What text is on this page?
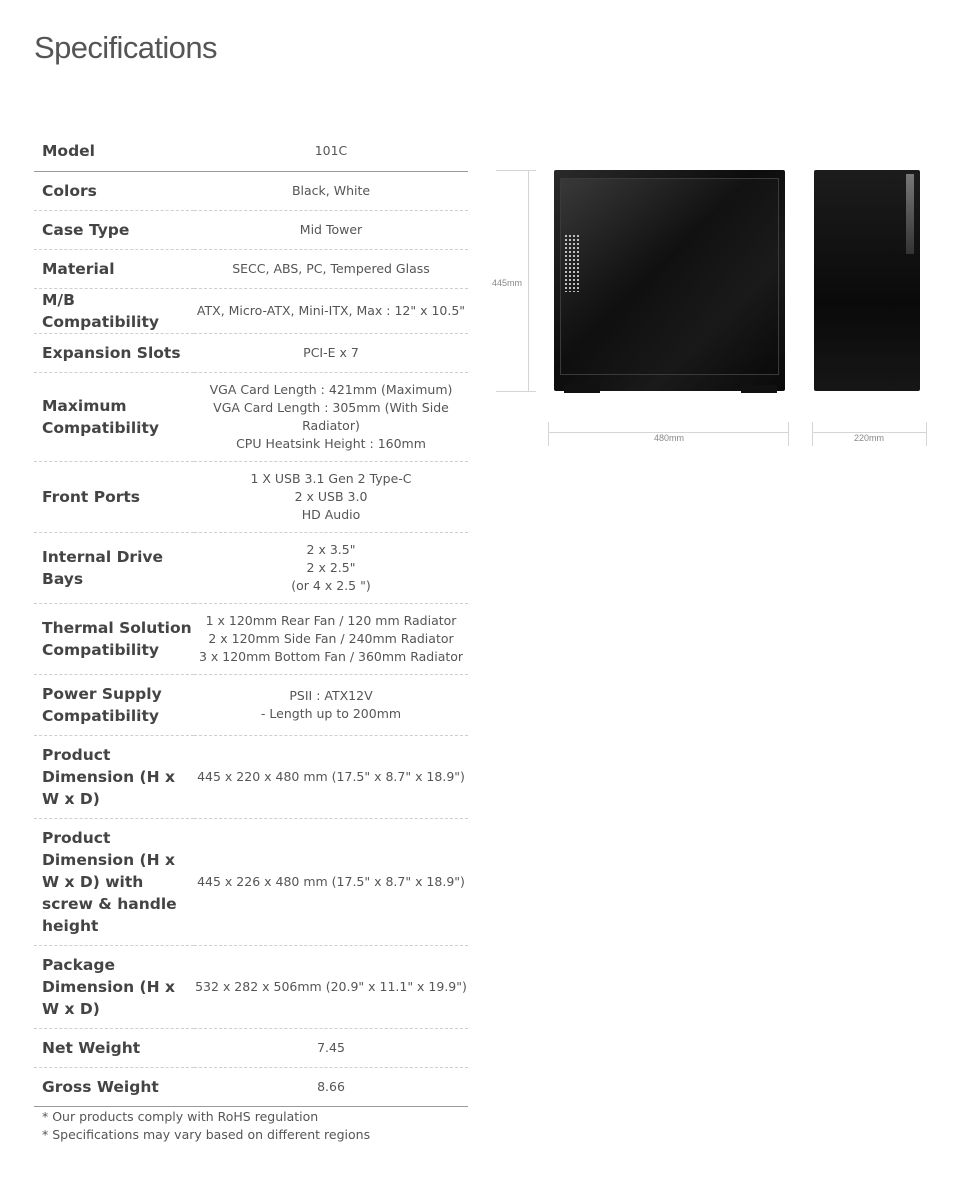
Specifications
Model	101C

Colors	Black, White

Case Type	Mid Tower

Material	SECC, ABS, PC, Tempered Glass

M/B Compatibility	ATX, Micro-ATX, Mini-ITX, Max : 12" x 10.5"

Expansion Slots	PCI-E x 7

Maximum Compatibility	VGA Card Length : 421mm (Maximum)
VGA Card Length : 305mm (With Side Radiator)
CPU Heatsink Height : 160mm

Front Ports	1 X USB 3.1 Gen 2 Type-C
2 x USB 3.0
HD Audio

Internal Drive Bays	2 x 3.5"
2 x 2.5"
(or 4 x 2.5 ")

Thermal Solution Compatibility	1 x 120mm Rear Fan / 120 mm Radiator
2 x 120mm Side Fan / 240mm Radiator
3 x 120mm Bottom Fan / 360mm Radiator

Power Supply Compatibility	PSII : ATX12V
- Length up to 200mm

Product Dimension (H x W x D)	445 x 220 x 480 mm (17.5" x 8.7" x 18.9")

Product Dimension (H x W x D) with screw & handle height	445 x 226 x 480 mm (17.5" x 8.7" x 18.9")

Package Dimension (H x W x D)	532 x 282 x 506mm (20.9" x 11.1" x 19.9")

Net Weight	7.45

Gross Weight	8.66
* Our products comply with RoHS regulation
* Specifications may vary based on different regions
445mm
480mm	220mm
